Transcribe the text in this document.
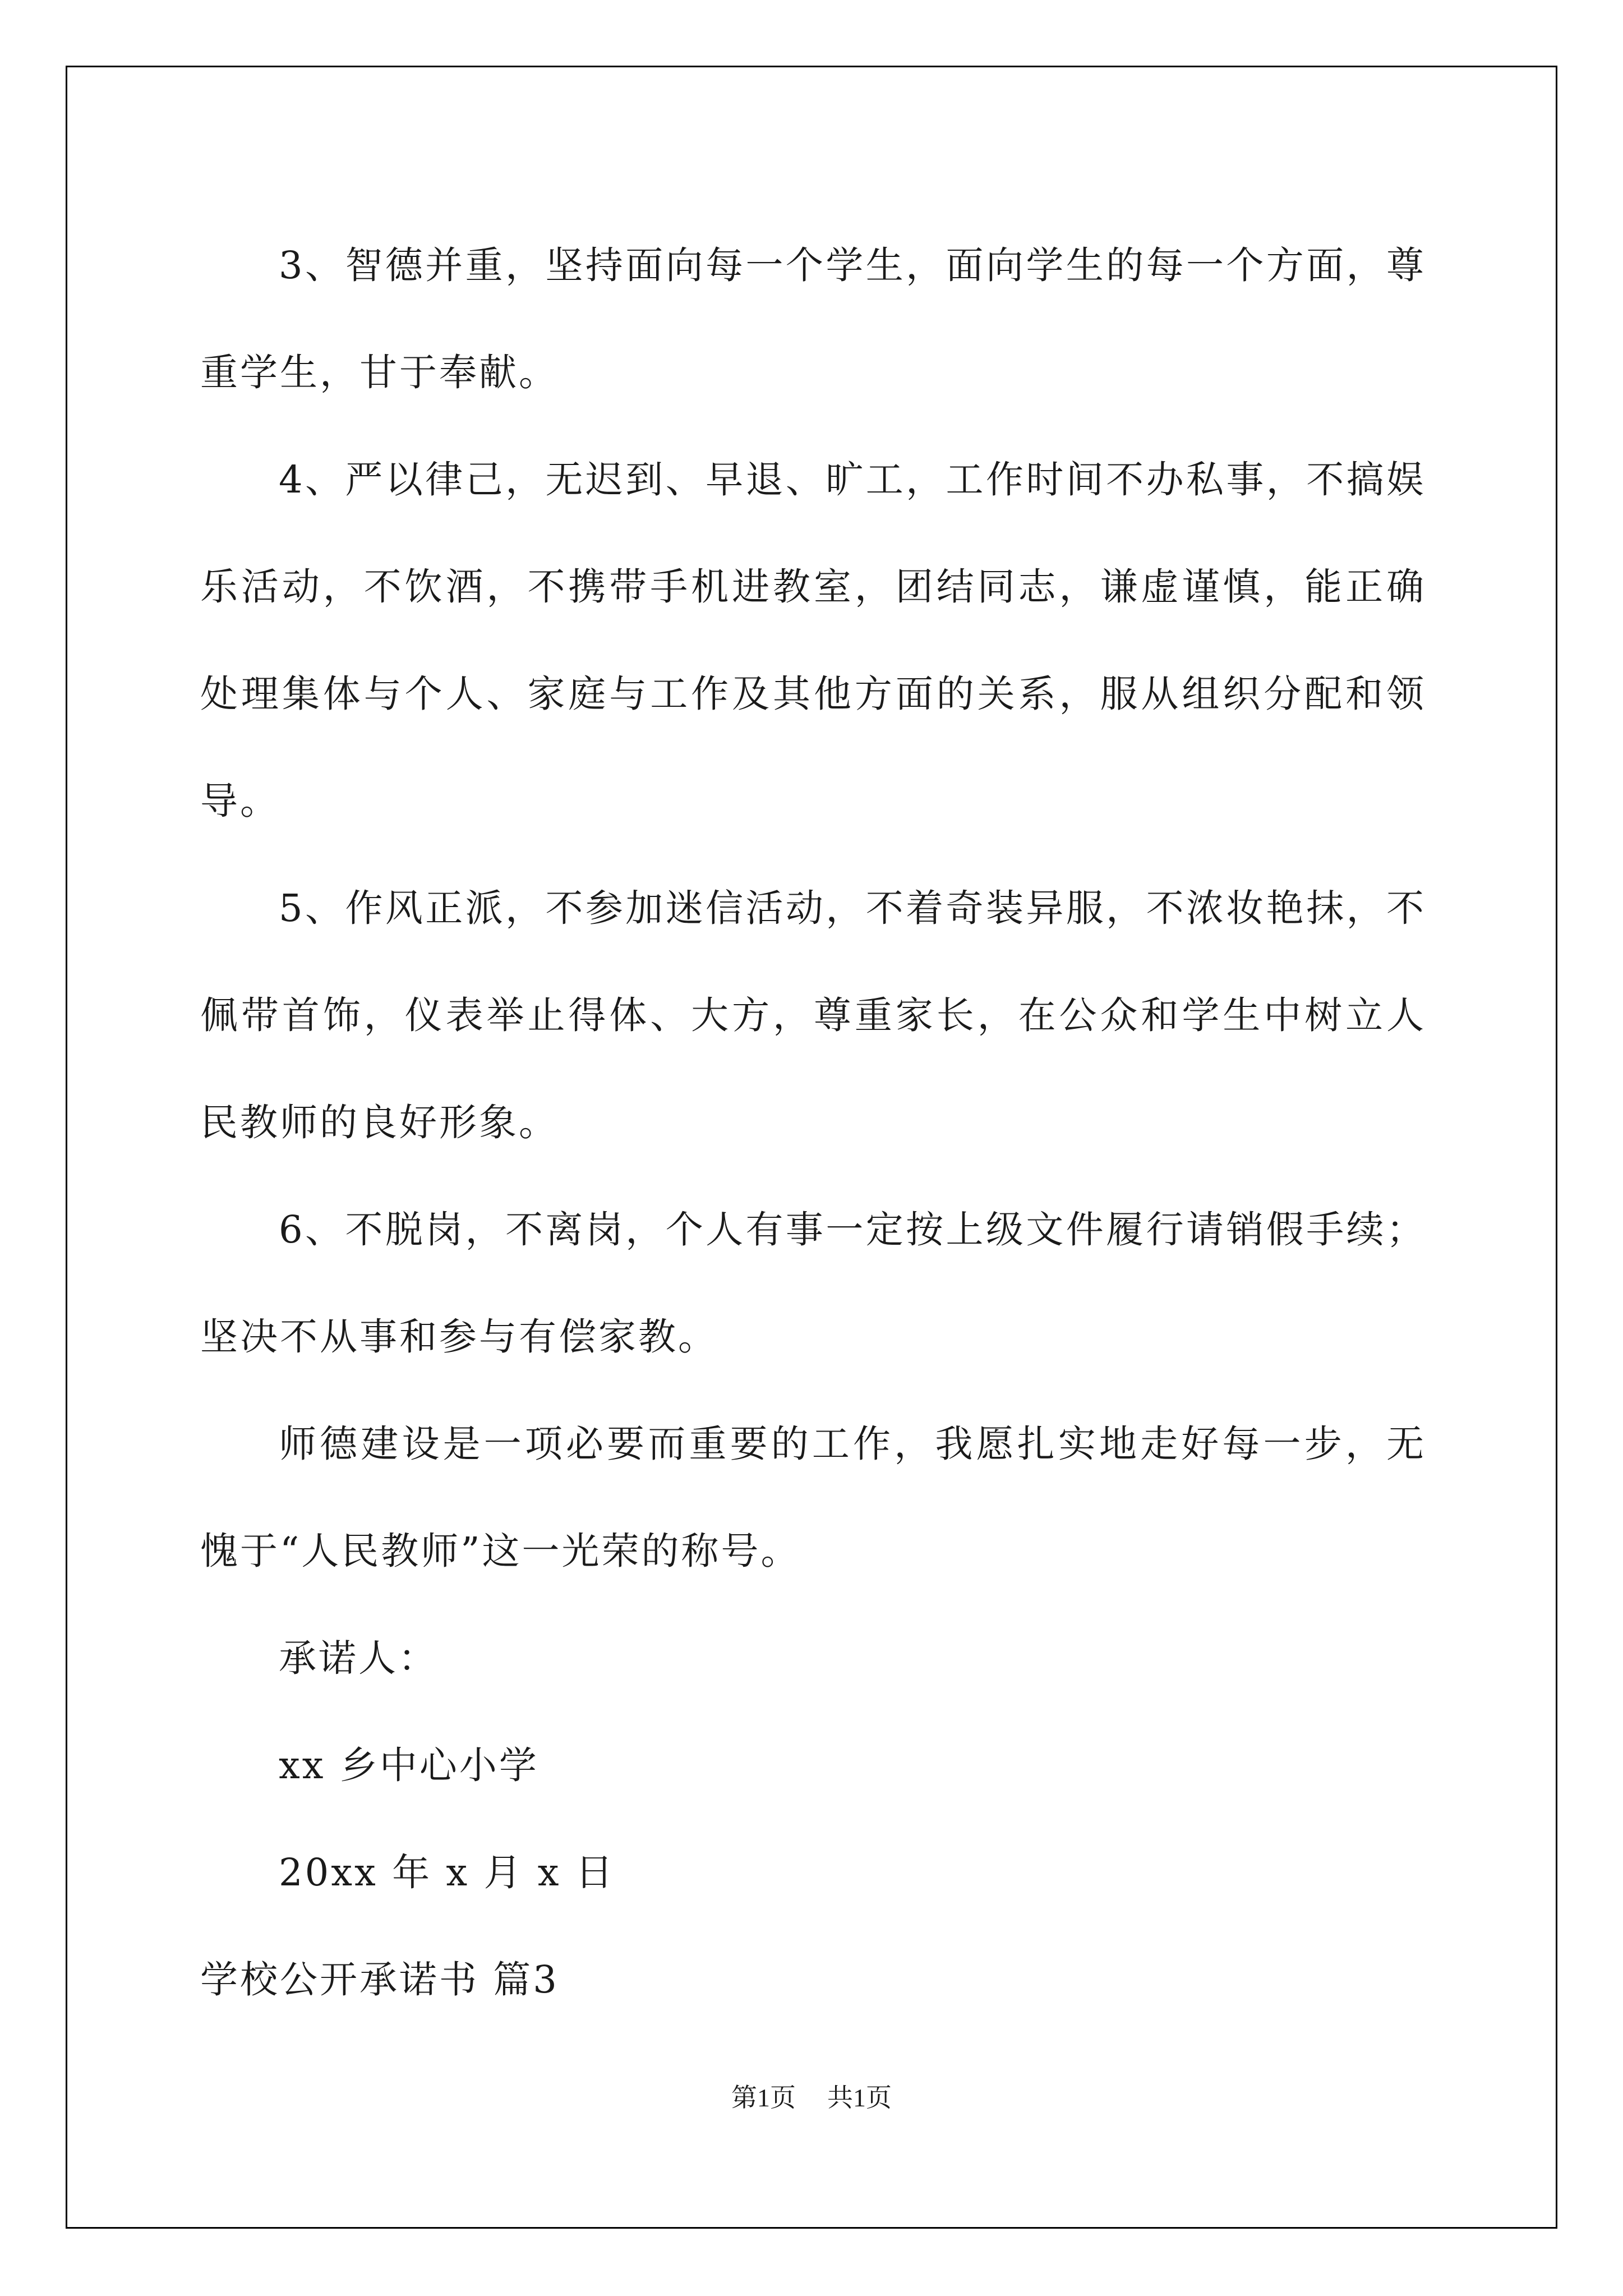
3、智德并重，坚持面向每一个学生，面向学生的每一个方面，尊重学生，甘于奉献。

4、严以律己，无迟到、早退、旷工，工作时间不办私事，不搞娱乐活动，不饮酒，不携带手机进教室，团结同志，谦虚谨慎，能正确处理集体与个人、家庭与工作及其他方面的关系，服从组织分配和领导。

5、作风正派，不参加迷信活动，不着奇装异服，不浓妆艳抹，不佩带首饰，仪表举止得体、大方，尊重家长，在公众和学生中树立人民教师的良好形象。

6、不脱岗，不离岗，个人有事一定按上级文件履行请销假手续；坚决不从事和参与有偿家教。

师德建设是一项必要而重要的工作，我愿扎实地走好每一步，无愧于“人民教师”这一光荣的称号。

承诺人：

xx 乡中心小学

20xx 年 x 月 x 日

学校公开承诺书 篇3

第1页 共1页
